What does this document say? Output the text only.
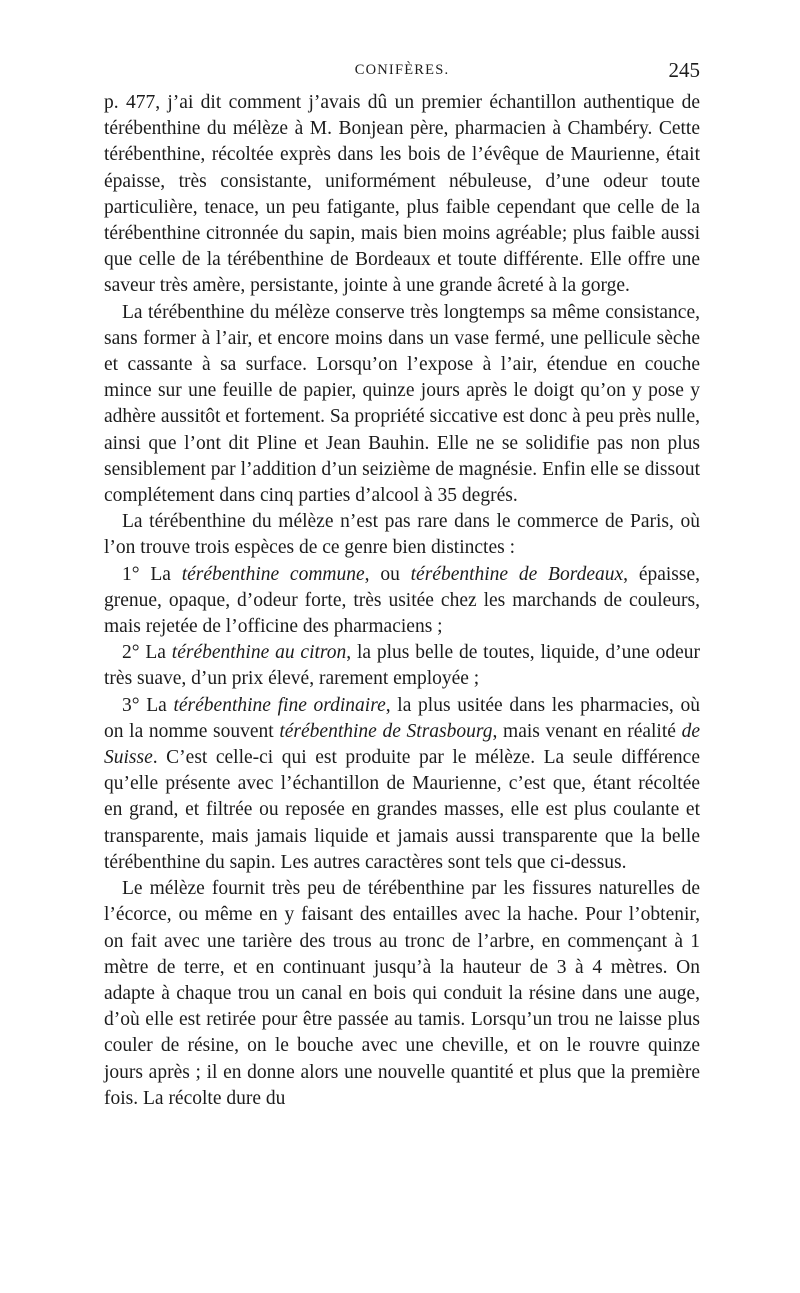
CONIFÈRES.	245

p. 477, j’ai dit comment j’avais dû un premier échantillon authentique de térébenthine du mélèze à M. Bonjean père, pharmacien à Chambéry. Cette térébenthine, récoltée exprès dans les bois de l’évêque de Maurienne, était épaisse, très consistante, uniformément nébuleuse, d’une odeur toute particulière, tenace, un peu fatigante, plus faible cependant que celle de la térébenthine citronnée du sapin, mais bien moins agréable; plus faible aussi que celle de la térébenthine de Bordeaux et toute différente. Elle offre une saveur très amère, persistante, jointe à une grande âcreté à la gorge.

La térébenthine du mélèze conserve très longtemps sa même consistance, sans former à l’air, et encore moins dans un vase fermé, une pellicule sèche et cassante à sa surface. Lorsqu’on l’expose à l’air, étendue en couche mince sur une feuille de papier, quinze jours après le doigt qu’on y pose y adhère aussitôt et fortement. Sa propriété siccative est donc à peu près nulle, ainsi que l’ont dit Pline et Jean Bauhin. Elle ne se solidifie pas non plus sensiblement par l’addition d’un seizième de magnésie. Enfin elle se dissout complétement dans cinq parties d’alcool à 35 degrés.

La térébenthine du mélèze n’est pas rare dans le commerce de Paris, où l’on trouve trois espèces de ce genre bien distinctes :

1° La térébenthine commune, ou térébenthine de Bordeaux, épaisse, grenue, opaque, d’odeur forte, très usitée chez les marchands de couleurs, mais rejetée de l’officine des pharmaciens ;

2° La térébenthine au citron, la plus belle de toutes, liquide, d’une odeur très suave, d’un prix élevé, rarement employée ;

3° La térébenthine fine ordinaire, la plus usitée dans les pharmacies, où on la nomme souvent térébenthine de Strasbourg, mais venant en réalité de Suisse. C’est celle-ci qui est produite par le mélèze. La seule différence qu’elle présente avec l’échantillon de Maurienne, c’est que, étant récoltée en grand, et filtrée ou reposée en grandes masses, elle est plus coulante et transparente, mais jamais liquide et jamais aussi transparente que la belle térébenthine du sapin. Les autres caractères sont tels que ci-dessus.

Le mélèze fournit très peu de térébenthine par les fissures naturelles de l’écorce, ou même en y faisant des entailles avec la hache. Pour l’obtenir, on fait avec une tarière des trous au tronc de l’arbre, en commençant à 1 mètre de terre, et en continuant jusqu’à la hauteur de 3 à 4 mètres. On adapte à chaque trou un canal en bois qui conduit la résine dans une auge, d’où elle est retirée pour être passée au tamis. Lorsqu’un trou ne laisse plus couler de résine, on le bouche avec une cheville, et on le rouvre quinze jours après ; il en donne alors une nouvelle quantité et plus que la première fois. La récolte dure du
